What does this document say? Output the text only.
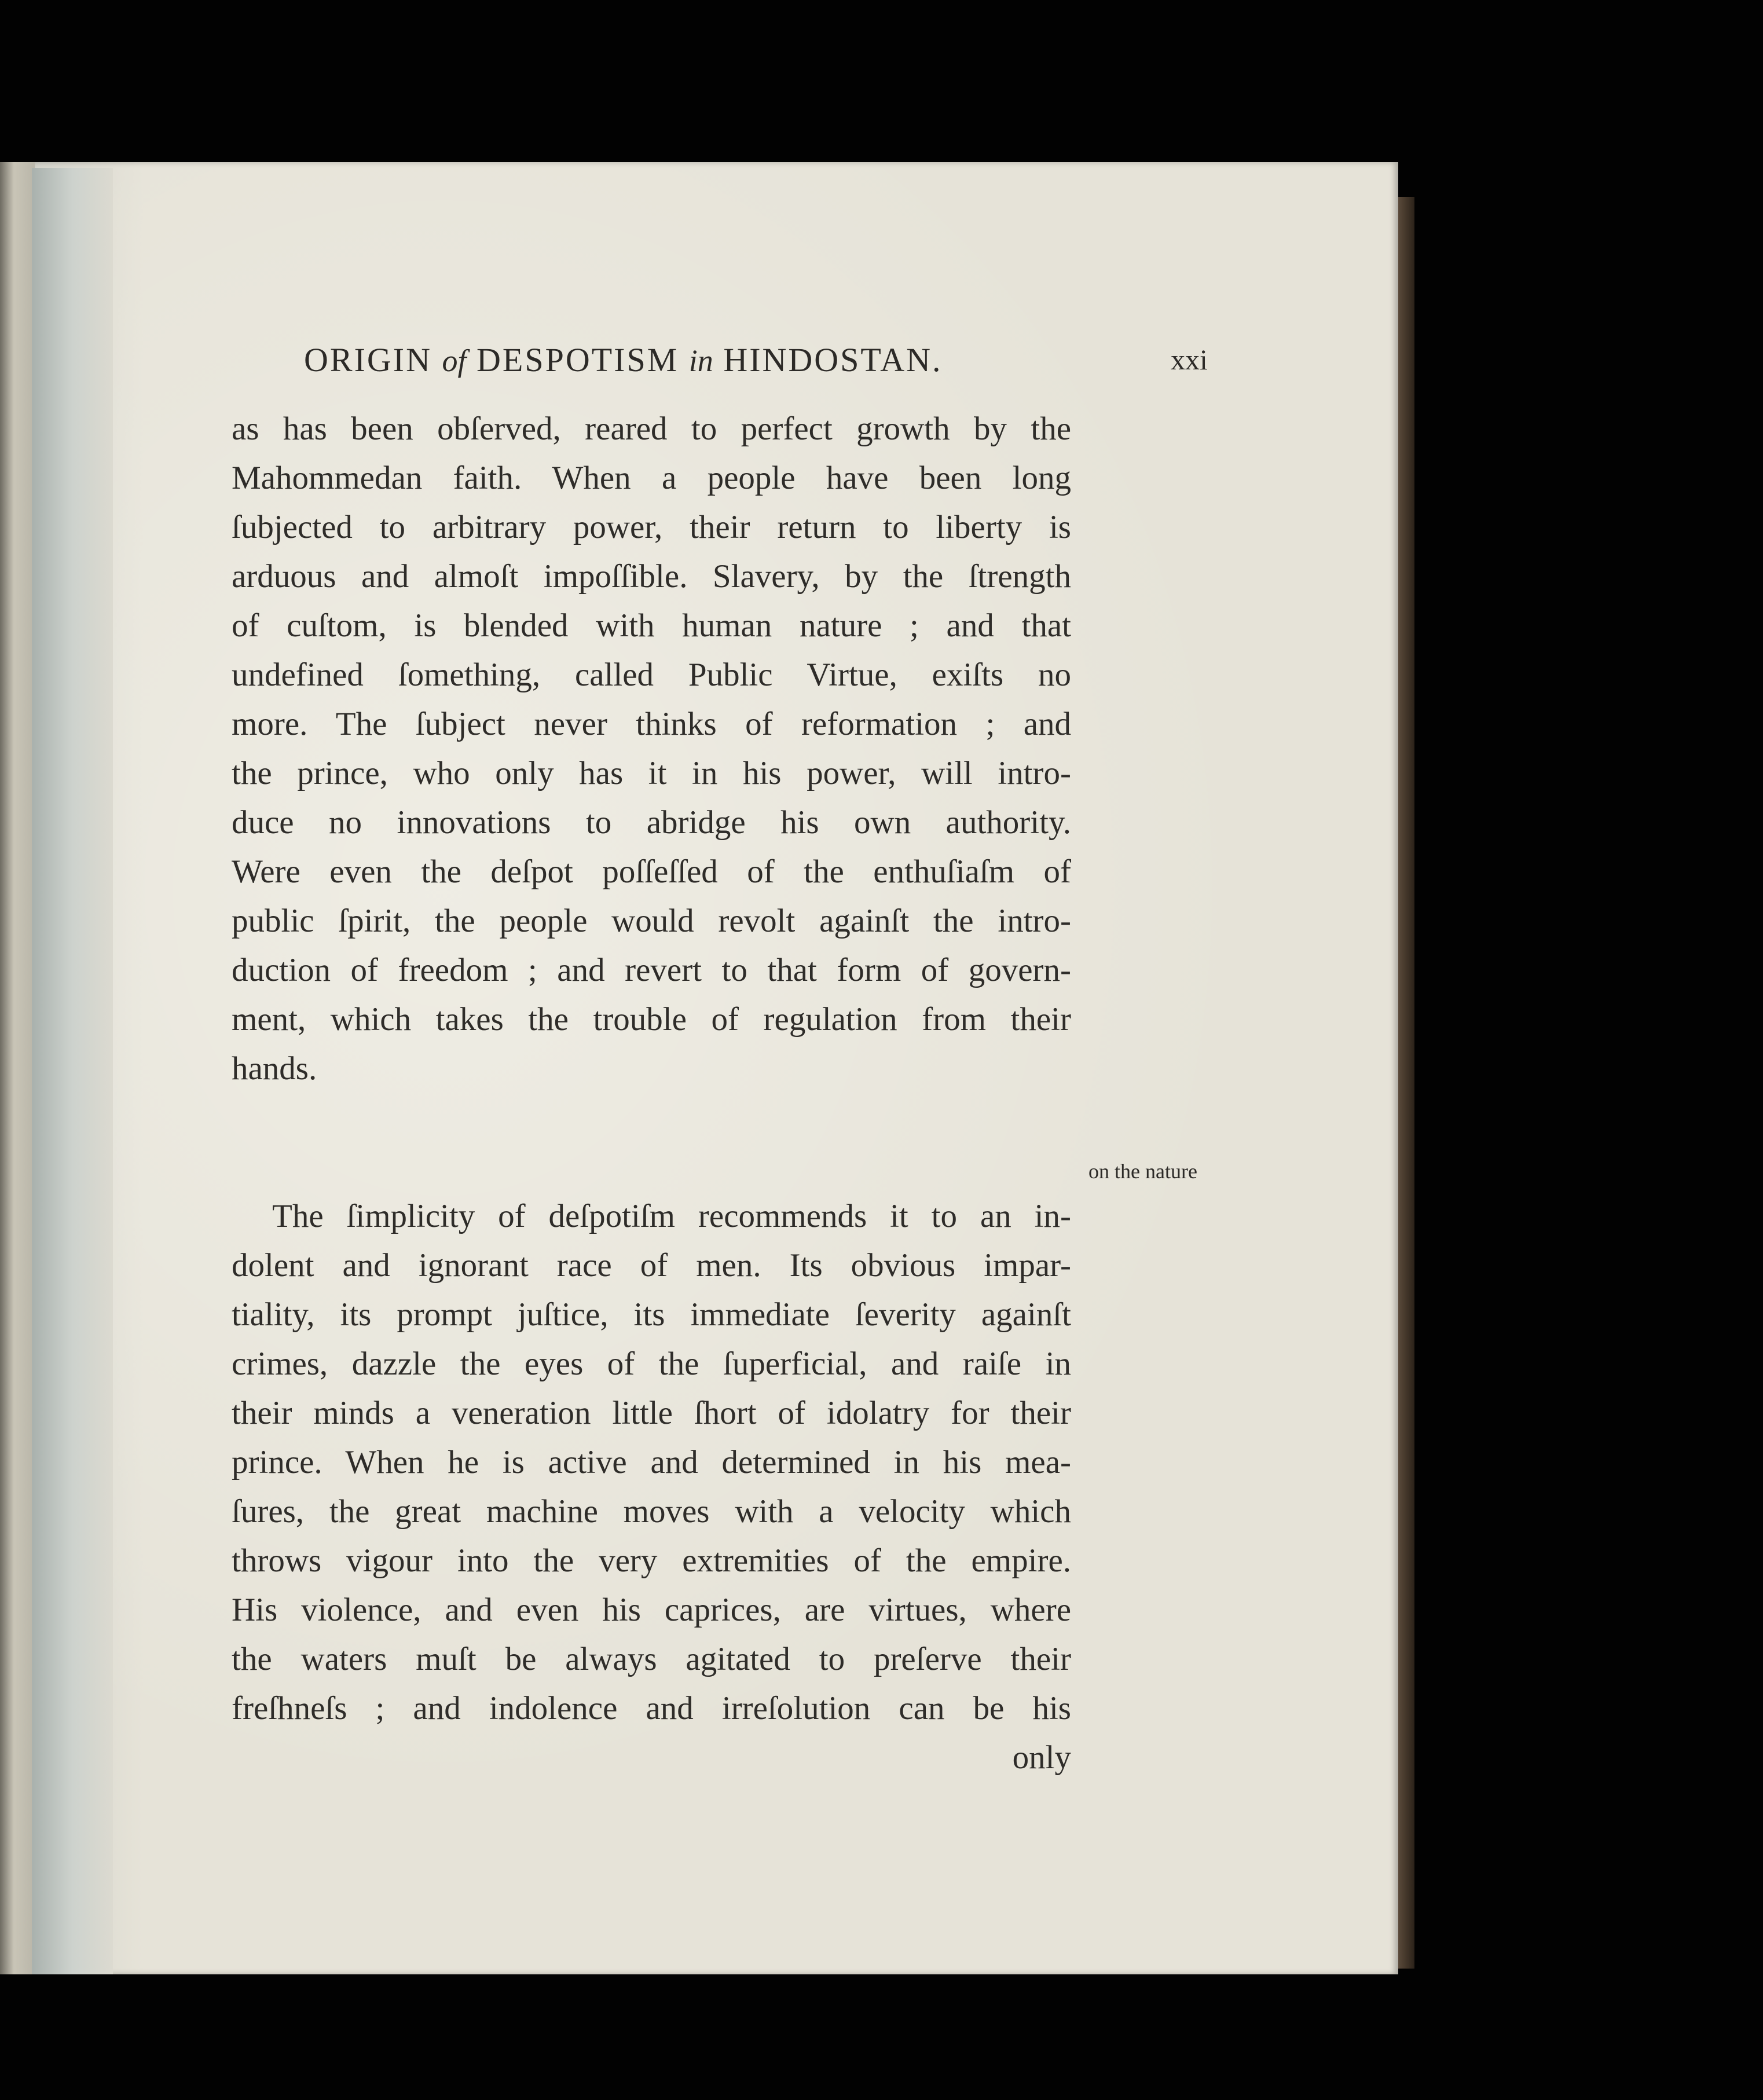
ORIGIN of DESPOTISM in HINDOSTAN.	xxi
as has been obſerved, reared to perfect growth by the
Mahommedan faith. When a people have been long
ſubjected to arbitrary power, their return to liberty is
arduous and almoſt impoſſible. Slavery, by the ſtrength
of cuſtom, is blended with human nature ; and that
undefined ſomething, called Public Virtue, exiſts no
more. The ſubject never thinks of reformation ; and
the prince, who only has it in his power, will intro-
duce no innovations to abridge his own authority.
Were even the deſpot poſſeſſed of the enthuſiaſm of
public ſpirit, the people would revolt againſt the intro-
duction of freedom ; and revert to that form of govern-
ment, which takes the trouble of regulation from their
hands.
The ſimplicity of deſpotiſm recommends it to an in-
dolent and ignorant race of men. Its obvious impar-
tiality, its prompt juſtice, its immediate ſeverity againſt
crimes, dazzle the eyes of the ſuperficial, and raiſe in
their minds a veneration little ſhort of idolatry for their
prince. When he is active and determined in his mea-
ſures, the great machine moves with a velocity which
throws vigour into the very extremities of the empire.
His violence, and even his caprices, are virtues, where
the waters muſt be always agitated to preſerve their
freſhneſs ; and indolence and irreſolution can be his
only
on the nature
